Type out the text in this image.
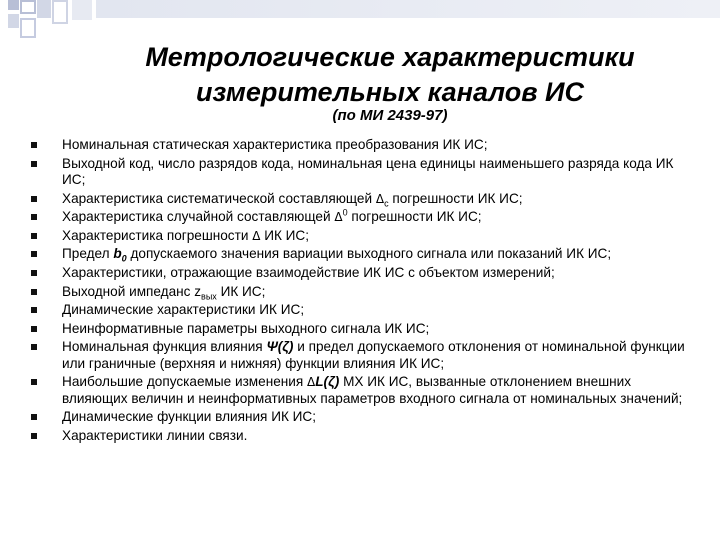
Метрологические характеристики
измерительных каналов ИС
(по МИ 2439-97)
Номинальная статическая характеристика преобразования ИК ИС;
Выходной код, число разрядов кода, номинальная цена единицы наименьшего разряда кода ИК ИС;
Характеристика систематической составляющей $\Delta_с$ погрешности ИК ИС;
Характеристика случайной составляющей $\Delta^0$ погрешности ИК ИС;
Характеристика погрешности Δ ИК ИС;
Предел $b_0$ допускаемого значения вариации выходного сигнала или показаний ИК ИС;
Характеристики, отражающие взаимодействие ИК ИС с объектом измерений;
Выходной импеданс $z_{вых}$ ИК ИС;
Динамические характеристики ИК ИС;
Неинформативные параметры выходного сигнала ИК ИС;
Номинальная функция влияния Ψ(ζ) и предел допускаемого отклонения от номинальной функции или граничные (верхняя и нижняя) функции влияния ИК ИС;
Наибольшие допускаемые изменения ΔL(ζ) МХ ИК ИС, вызванные отклонением внешних влияющих величин и неинформативных параметров входного сигнала от номинальных значений;
Динамические функции влияния ИК ИС;
Характеристики линии связи.
